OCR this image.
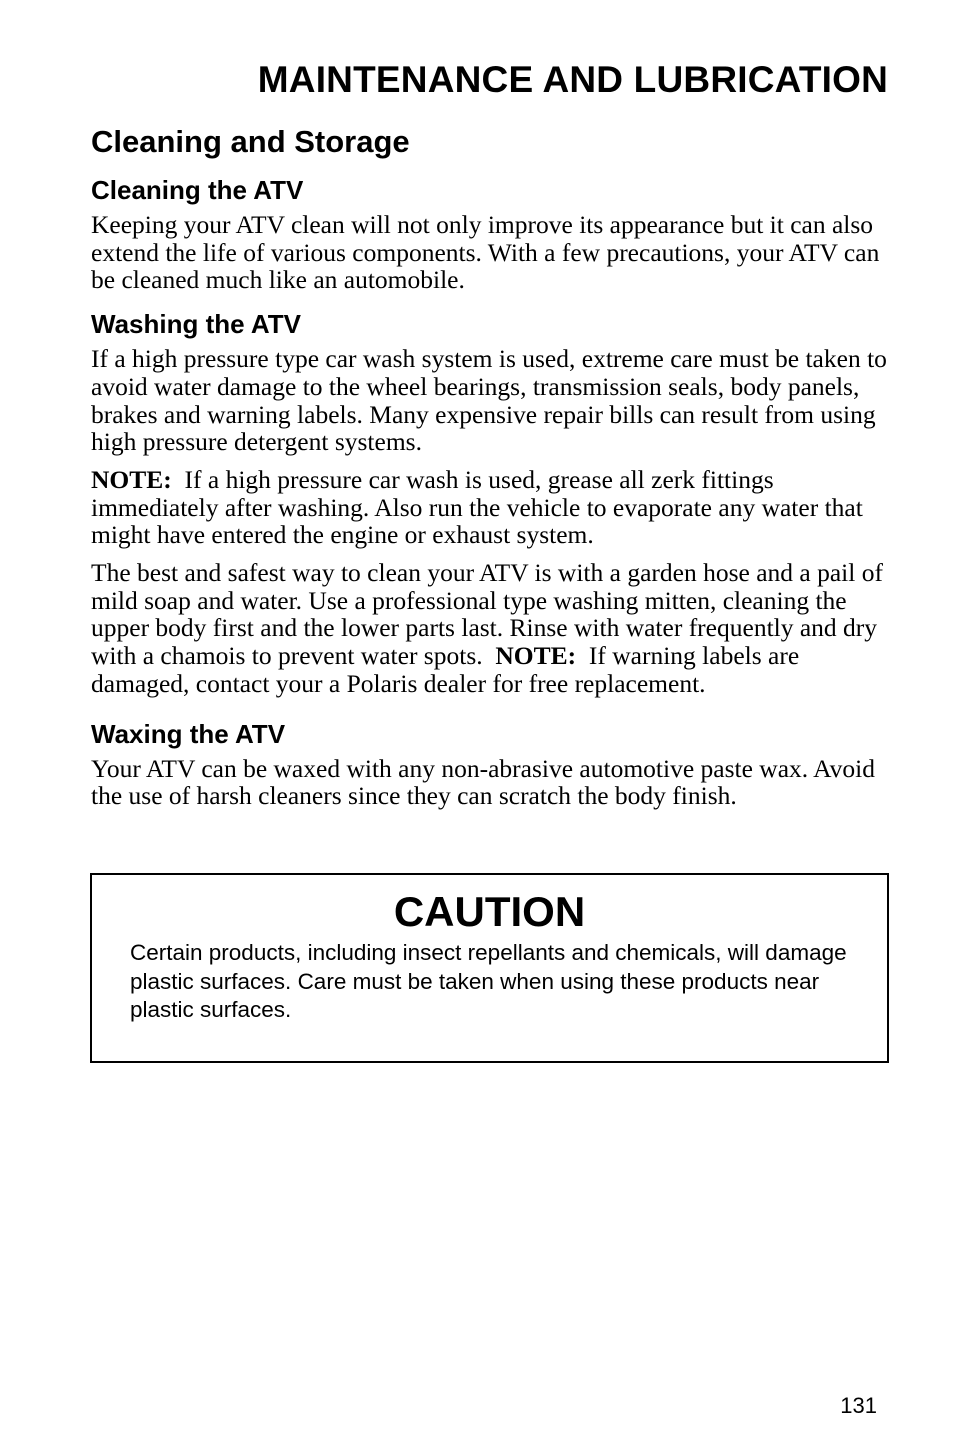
MAINTENANCE AND LUBRICATION
Cleaning and Storage
Cleaning the ATV

Keeping your ATV clean will not only improve its appearance but it can also extend the life of various components. With a few precautions, your ATV can be cleaned much like an automobile.

Washing the ATV

If a high pressure type car wash system is used, extreme care must be taken to avoid water damage to the wheel bearings, transmission seals, body panels, brakes and warning labels. Many expensive repair bills can result from using high pressure detergent systems.

NOTE: If a high pressure car wash is used, grease all zerk fittings immediately after washing. Also run the vehicle to evaporate any water that might have entered the engine or exhaust system.

The best and safest way to clean your ATV is with a garden hose and a pail of mild soap and water. Use a professional type washing mitten, cleaning the upper body first and the lower parts last. Rinse with water frequently and dry with a chamois to prevent water spots. NOTE: If warning labels are damaged, contact your a Polaris dealer for free replacement.

Waxing the ATV

Your ATV can be waxed with any non-abrasive automotive paste wax. Avoid the use of harsh cleaners since they can scratch the body finish.

CAUTION

Certain products, including insect repellants and chemicals, will damage plastic surfaces. Care must be taken when using these products near plastic surfaces.

131
